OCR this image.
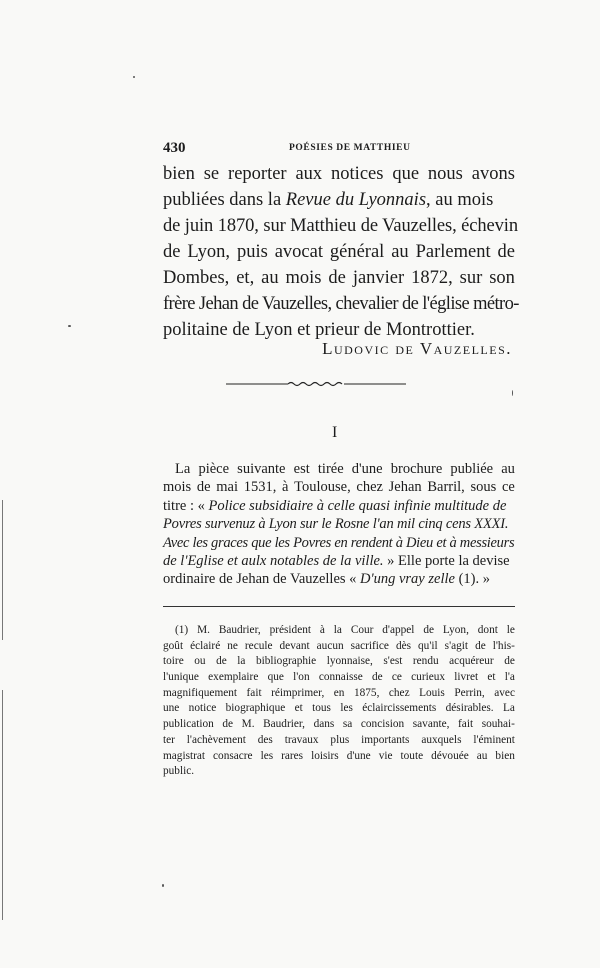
430	POÉSIES DE MATTHIEU
bien se reporter aux notices que nous avons
publiées dans la Revue du Lyonnais, au mois
de juin 1870, sur Matthieu de Vauzelles, échevin
de Lyon, puis avocat général au Parlement de
Dombes, et, au mois de janvier 1872, sur son
frère Jehan de Vauzelles, chevalier de l'église métro-
politaine de Lyon et prieur de Montrottier.
Ludovic de Vauzelles.
I
La pièce suivante est tirée d'une brochure publiée au
mois de mai 1531, à Toulouse, chez Jehan Barril, sous ce
titre : « Police subsidiaire à celle quasi infinie multitude de
Povres survenuz à Lyon sur le Rosne l'an mil cinq cens XXXI.
Avec les graces que les Povres en rendent à Dieu et à messieurs
de l'Eglise et aulx notables de la ville. » Elle porte la devise
ordinaire de Jehan de Vauzelles « D'ung vray zelle (1). »
(1) M. Baudrier, président à la Cour d'appel de Lyon, dont le
goût éclairé ne recule devant aucun sacrifice dès qu'il s'agit de l'his-
toire ou de la bibliographie lyonnaise, s'est rendu acquéreur de
l'unique exemplaire que l'on connaisse de ce curieux livret et l'a
magnifiquement fait réimprimer, en 1875, chez Louis Perrin, avec
une notice biographique et tous les éclaircissements désirables. La
publication de M. Baudrier, dans sa concision savante, fait souhai-
ter l'achèvement des travaux plus importants auxquels l'éminent
magistrat consacre les rares loisirs d'une vie toute dévouée au bien
public.
